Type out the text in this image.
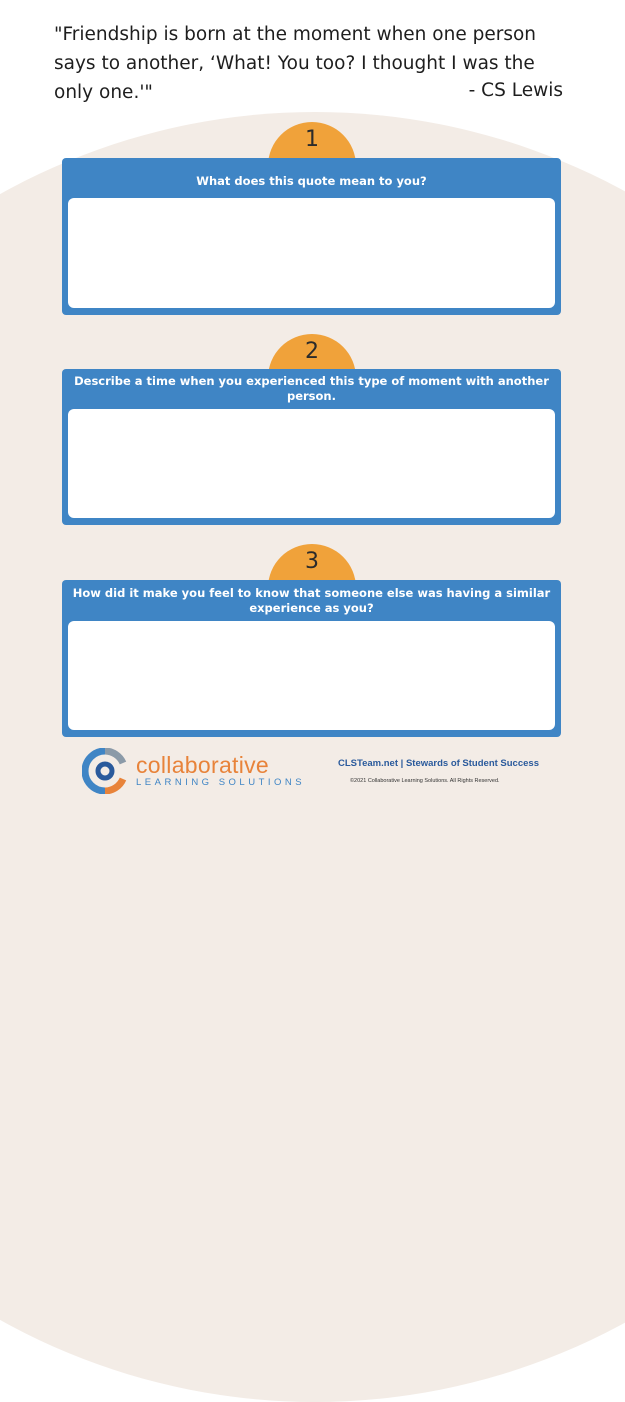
"Friendship is born at the moment when one person says to another, ‘What! You too? I thought I was the only one.'"	- CS Lewis
1
What does this quote mean to you?
2
Describe a time when you experienced this type of moment with another person.
3
How did it make you feel to know that someone else was having a similar experience as you?
collaborative
LEARNING SOLUTIONS
CLSTeam.net | Stewards of Student Success
©2021 Collaborative Learning Solutions. All Rights Reserved.
